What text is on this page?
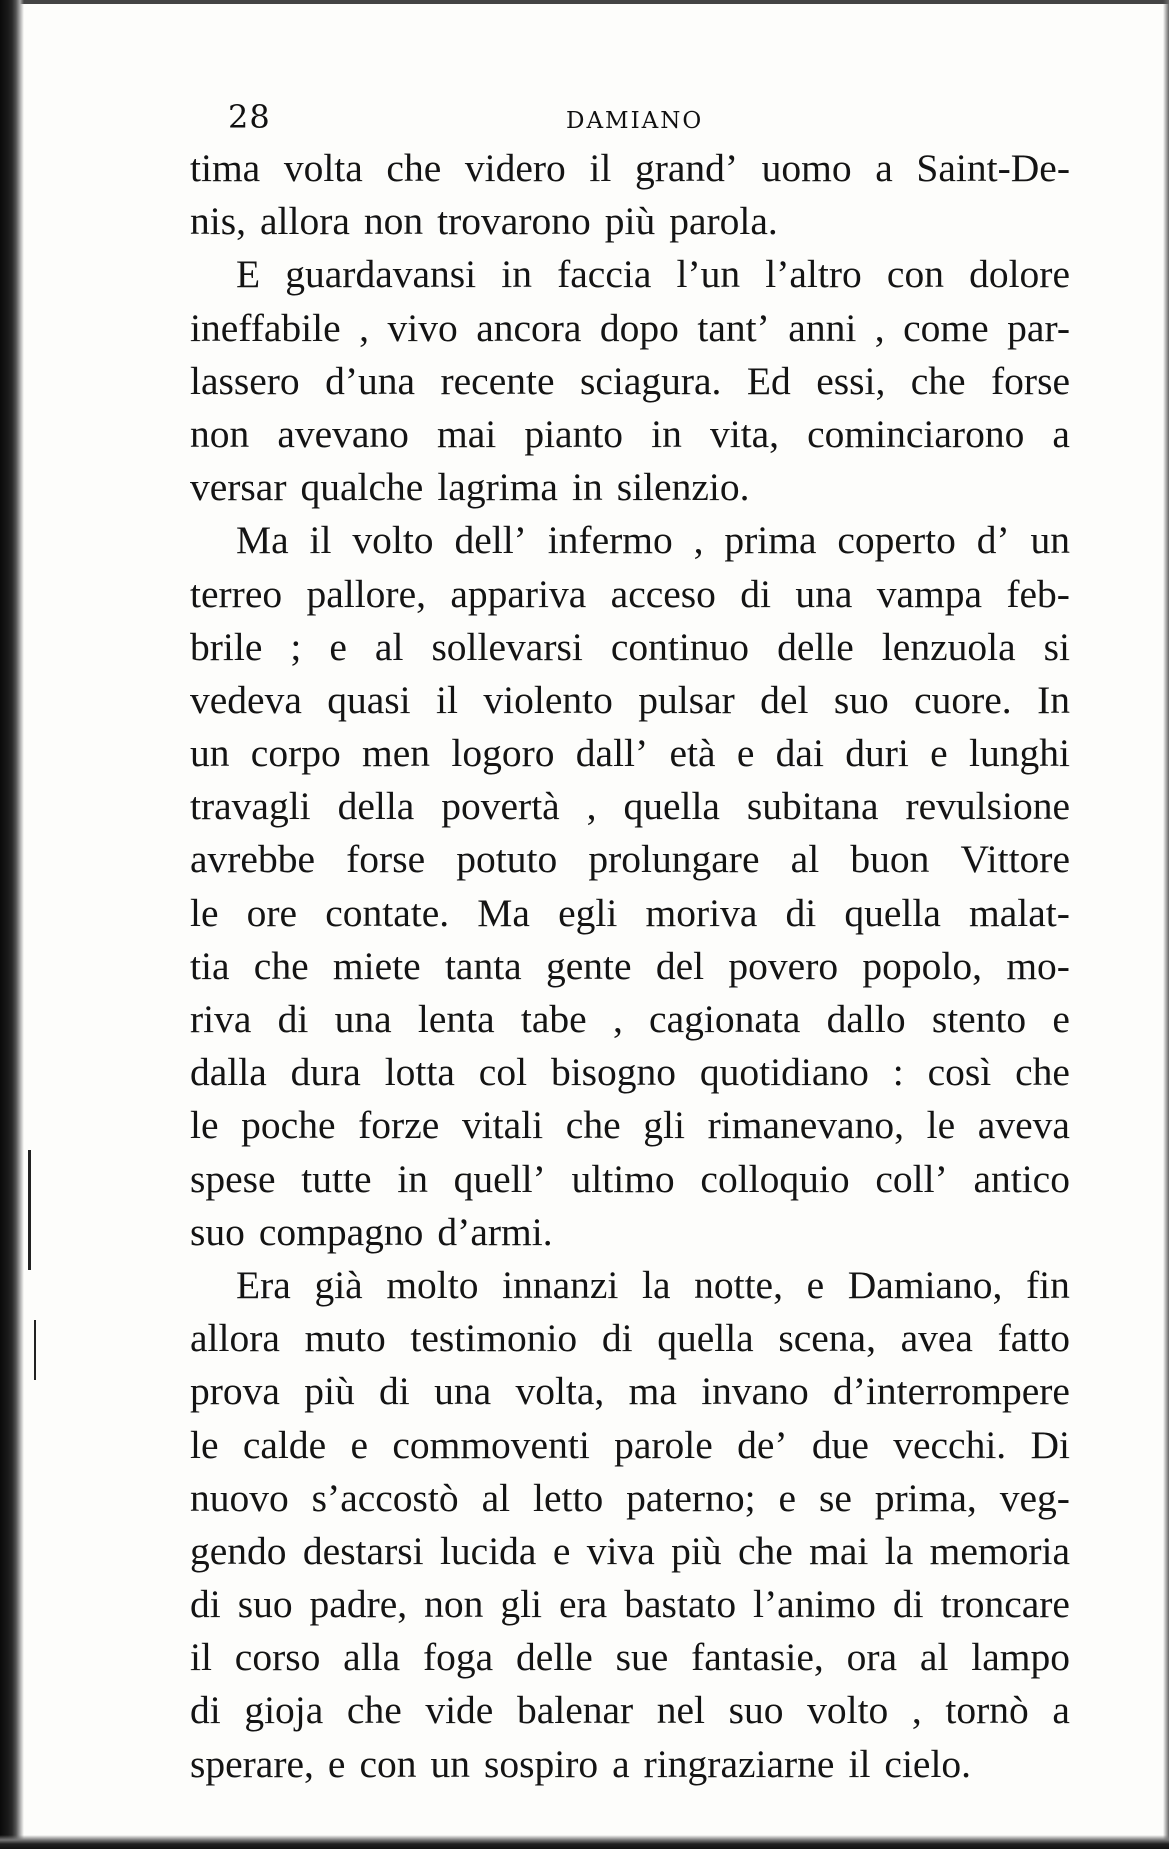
28	DAMIANO
tima volta che videro il grand’ uomo a Saint-De-
nis, allora non trovarono più parola.
E guardavansi in faccia l’un l’altro con dolore
ineffabile , vivo ancora dopo tant’ anni , come par-
lassero d’una recente sciagura. Ed essi, che forse
non avevano mai pianto in vita, cominciarono a
versar qualche lagrima in silenzio.
Ma il volto dell’ infermo , prima coperto d’ un
terreo pallore, appariva acceso di una vampa feb-
brile ; e al sollevarsi continuo delle lenzuola si
vedeva quasi il violento pulsar del suo cuore. In
un corpo men logoro dall’ età e dai duri e lunghi
travagli della povertà , quella subitana revulsione
avrebbe forse potuto prolungare al buon Vittore
le ore contate. Ma egli moriva di quella malat-
tia che miete tanta gente del povero popolo, mo-
riva di una lenta tabe , cagionata dallo stento e
dalla dura lotta col bisogno quotidiano : così che
le poche forze vitali che gli rimanevano, le aveva
spese tutte in quell’ ultimo colloquio coll’ antico
suo compagno d’armi.
Era già molto innanzi la notte, e Damiano, fin
allora muto testimonio di quella scena, avea fatto
prova più di una volta, ma invano d’interrompere
le calde e commoventi parole de’ due vecchi. Di
nuovo s’accostò al letto paterno; e se prima, veg-
gendo destarsi lucida e viva più che mai la memoria
di suo padre, non gli era bastato l’animo di troncare
il corso alla foga delle sue fantasie, ora al lampo
di gioja che vide balenar nel suo volto , tornò a
sperare, e con un sospiro a ringraziarne il cielo.
